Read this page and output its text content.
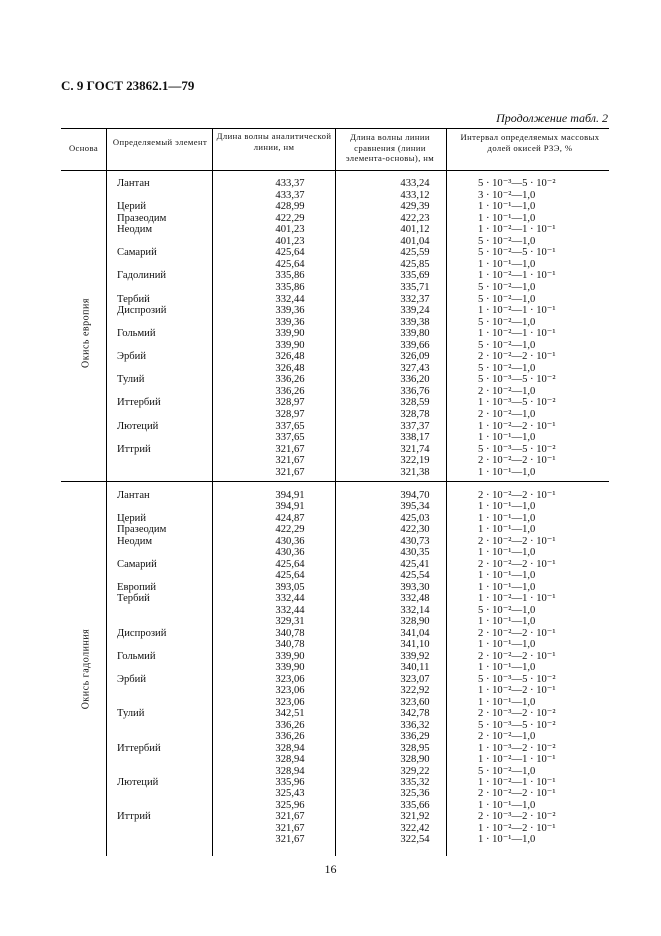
С. 9 ГОСТ 23862.1—79
Продолжение табл. 2
Основа
Определяемый элемент
Длина волны аналитической линии, нм
Длина волны линии сравнения (линии элемента-основы), нм
Интервал определяемых массовых долей окисей РЗЭ, %
Окись европия
Окись гадолиния
Лантан	433,37	433,24	5 · 10⁻³—5 · 10⁻²
433,37	433,12	3 · 10⁻²—1,0
Церий	428,99	429,39	1 · 10⁻¹—1,0
Празеодим	422,29	422,23	1 · 10⁻¹—1,0
Неодим	401,23	401,12	1 · 10⁻²—1 · 10⁻¹
401,23	401,04	5 · 10⁻²—1,0
Самарий	425,64	425,59	5 · 10⁻²—5 · 10⁻¹
425,64	425,85	1 · 10⁻¹—1,0
Гадолиний	335,86	335,69	1 · 10⁻²—1 · 10⁻¹
335,86	335,71	5 · 10⁻²—1,0
Тербий	332,44	332,37	5 · 10⁻²—1,0
Диспрозий	339,36	339,24	1 · 10⁻²—1 · 10⁻¹
339,36	339,38	5 · 10⁻²—1,0
Гольмий	339,90	339,80	1 · 10⁻²—1 · 10⁻¹
339,90	339,66	5 · 10⁻²—1,0
Эрбий	326,48	326,09	2 · 10⁻²—2 · 10⁻¹
326,48	327,43	5 · 10⁻²—1,0
Тулий	336,26	336,20	5 · 10⁻³—5 · 10⁻²
336,26	336,76	2 · 10⁻²—1,0
Иттербий	328,97	328,59	1 · 10⁻³—5 · 10⁻²
328,97	328,78	2 · 10⁻²—1,0
Лютеций	337,65	337,37	1 · 10⁻²—2 · 10⁻¹
337,65	338,17	1 · 10⁻¹—1,0
Иттрий	321,67	321,74	5 · 10⁻³—5 · 10⁻²
321,67	322,19	2 · 10⁻²—2 · 10⁻¹
321,67	321,38	1 · 10⁻¹—1,0
Лантан	394,91	394,70	2 · 10⁻²—2 · 10⁻¹
394,91	395,34	1 · 10⁻¹—1,0
Церий	424,87	425,03	1 · 10⁻¹—1,0
Празеодим	422,29	422,30	1 · 10⁻¹—1,0
Неодим	430,36	430,73	2 · 10⁻²—2 · 10⁻¹
430,36	430,35	1 · 10⁻¹—1,0
Самарий	425,64	425,41	2 · 10⁻²—2 · 10⁻¹
425,64	425,54	1 · 10⁻¹—1,0
Европий	393,05	393,30	1 · 10⁻¹—1,0
Тербий	332,44	332,48	1 · 10⁻²—1 · 10⁻¹
332,44	332,14	5 · 10⁻²—1,0
329,31	328,90	1 · 10⁻¹—1,0
Диспрозий	340,78	341,04	2 · 10⁻²—2 · 10⁻¹
340,78	341,10	1 · 10⁻¹—1,0
Гольмий	339,90	339,92	2 · 10⁻²—2 · 10⁻¹
339,90	340,11	1 · 10⁻¹—1,0
Эрбий	323,06	323,07	5 · 10⁻³—5 · 10⁻²
323,06	322,92	1 · 10⁻²—2 · 10⁻¹
323,06	323,60	1 · 10⁻¹—1,0
Тулий	342,51	342,78	2 · 10⁻³—2 · 10⁻²
336,26	336,32	5 · 10⁻³—5 · 10⁻²
336,26	336,29	2 · 10⁻²—1,0
Иттербий	328,94	328,95	1 · 10⁻³—2 · 10⁻²
328,94	328,90	1 · 10⁻²—1 · 10⁻¹
328,94	329,22	5 · 10⁻²—1,0
Лютеций	335,96	335,32	1 · 10⁻²—1 · 10⁻¹
325,43	325,36	2 · 10⁻²—2 · 10⁻¹
325,96	335,66	1 · 10⁻¹—1,0
Иттрий	321,67	321,92	2 · 10⁻³—2 · 10⁻²
321,67	322,42	1 · 10⁻²—2 · 10⁻¹
321,67	322,54	1 · 10⁻¹—1,0
16
